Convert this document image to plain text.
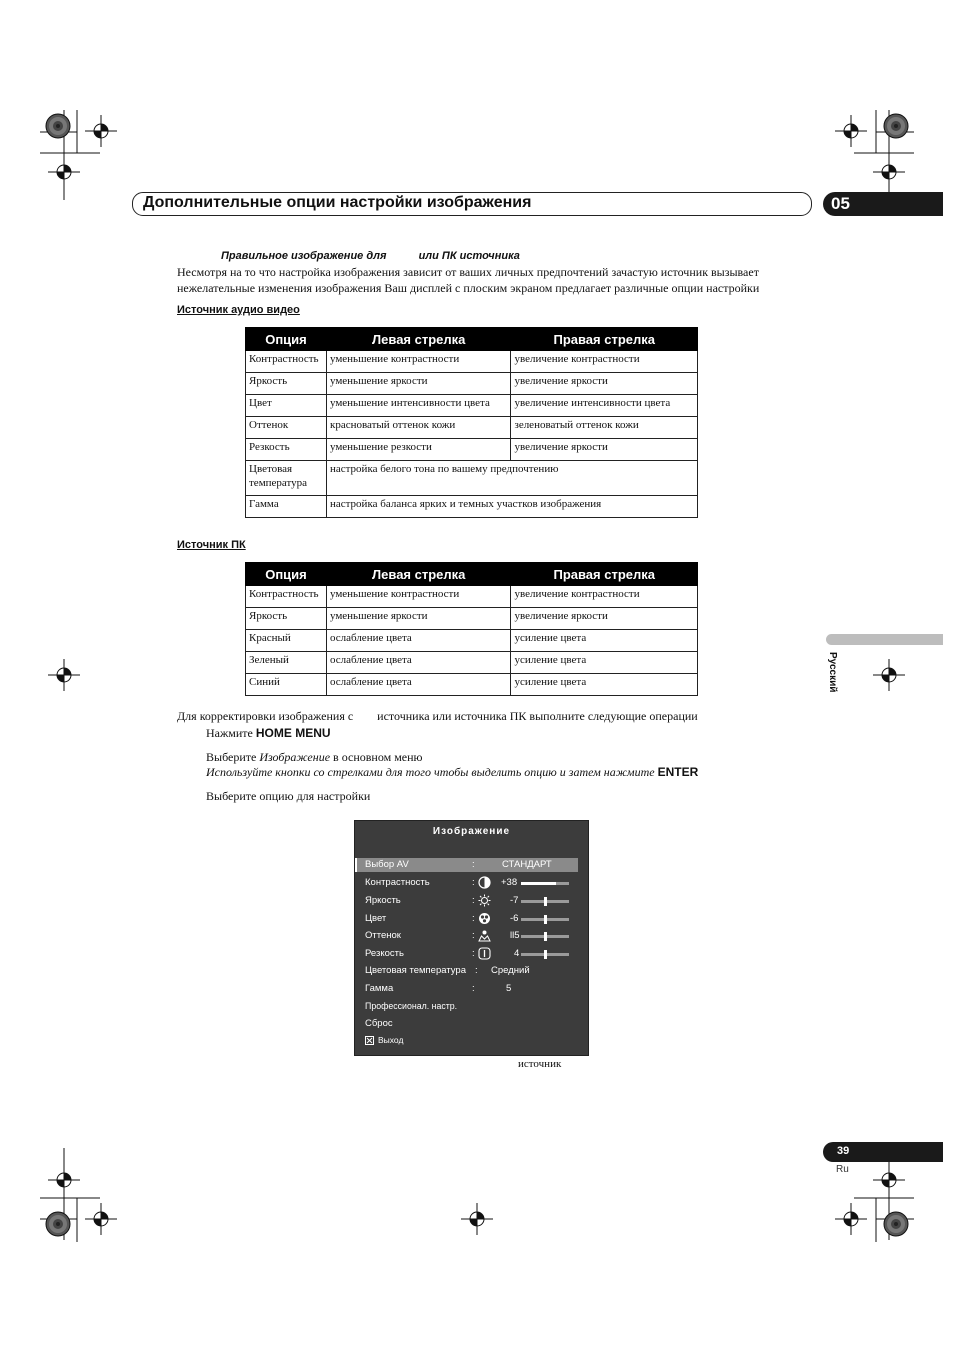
Дополнительные опции настройки изображения	05
Русский
Правильное изображение для	или ПК источника
Несмотря на то что настройка изображения зависит от ваших личных предпочтений зачастую источник вызывает
нежелательные изменения изображения Ваш дисплей с плоским экраном предлагает различные опции настройки
Источник аудио видео
Опция	Левая стрелка	Правая стрелка
Контрастность	уменьшение контрастности	увеличение контрастности
Яркость	уменьшение яркости	увеличение яркости
Цвет	уменьшение интенсивности цвета	увеличение интенсивности цвета
Оттенок	красноватый оттенок кожи	зеленоватый оттенок кожи
Резкость	уменьшение резкости	увеличение яркости
Цветовая
температура	настройка белого тона по вашему предпочтению	
Гамма	настройка баланса ярких и темных участков изображения	
Источник ПК
Опция	Левая стрелка	Правая стрелка
Контрастность	уменьшение контрастности	увеличение контрастности
Яркость	уменьшение яркости	увеличение яркости
Красный	ослабление цвета	усиление цвета
Зеленый	ослабление цвета	усиление цвета
Синий	ослабление цвета	усиление цвета
Для корректировки изображения с источника или источника ПК выполните следующие операции
Нажмите HOME MENU
Выберите Изображение в основном меню
Используйте кнопки со стрелками для того чтобы выделить опцию и затем нажмите ENTER
Выберите опцию для настройки
Изображение
Выбор AV	:	СТАНДАРТ
Контрастность	:	+38
Яркость	:	-7
Цвет	:	-6
Оттенок	:	ll5
Резкость	:	4
Цветовая температура : Средний
Гамма	:	5
Профессионал. настр.
Сброс
Выход
источник
39
Ru
